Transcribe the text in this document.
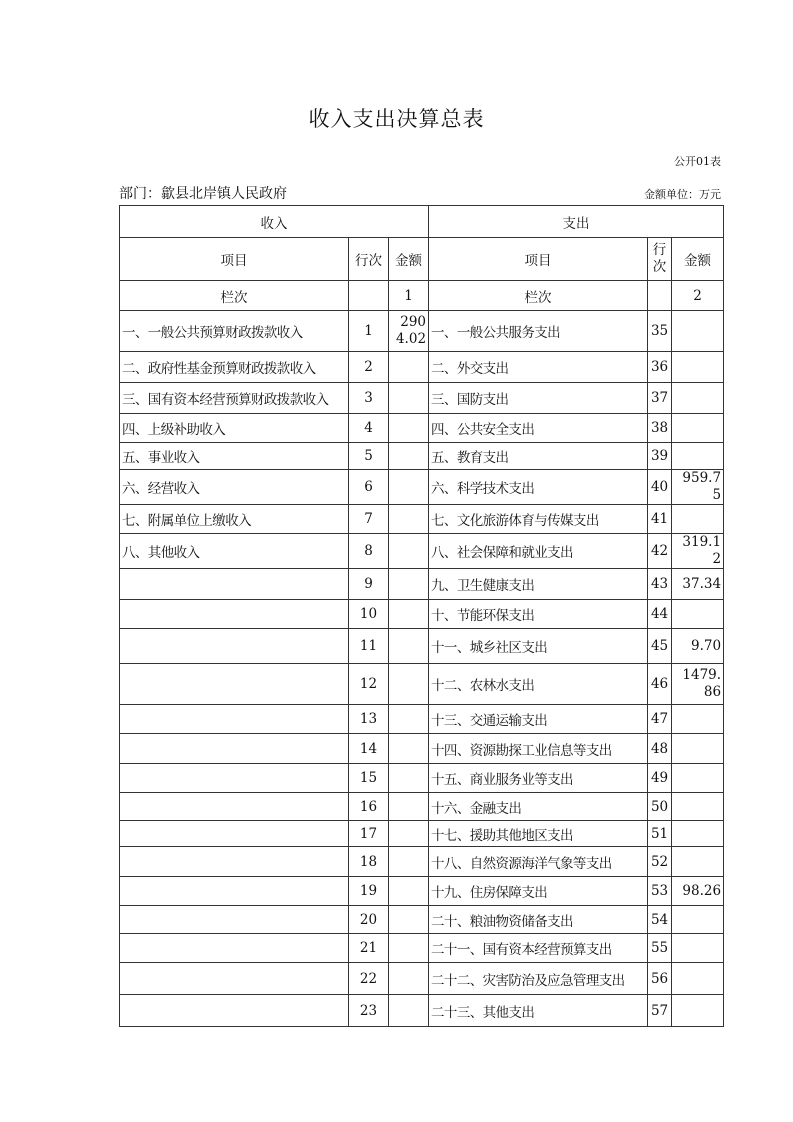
收入支出决算总表
公开01表
部门：歙县北岸镇人民政府	金额单位：万元
收入			支出		
项目	行次	金额	项目	行次	金额
栏次		1	栏次		2
一、一般公共预算财政拨款收入	1	2904.02	一、一般公共服务支出	35	
二、政府性基金预算财政拨款收入	2		二、外交支出	36	
三、国有资本经营预算财政拨款收入	3		三、国防支出	37	
四、上级补助收入	4		四、公共安全支出	38	
五、事业收入	5		五、教育支出	39	
六、经营收入	6		六、科学技术支出	40	959.75
七、附属单位上缴收入	7		七、文化旅游体育与传媒支出	41	
八、其他收入	8		八、社会保障和就业支出	42	319.12
	9		九、卫生健康支出	43	37.34
	10		十、节能环保支出	44	
	11		十一、城乡社区支出	45	9.70
	12		十二、农林水支出	46	1479.86
	13		十三、交通运输支出	47	
	14		十四、资源勘探工业信息等支出	48	
	15		十五、商业服务业等支出	49	
	16		十六、金融支出	50	
	17		十七、援助其他地区支出	51	
	18		十八、自然资源海洋气象等支出	52	
	19		十九、住房保障支出	53	98.26
	20		二十、粮油物资储备支出	54	
	21		二十一、国有资本经营预算支出	55	
	22		二十二、灾害防治及应急管理支出	56	
	23		二十三、其他支出	57	
